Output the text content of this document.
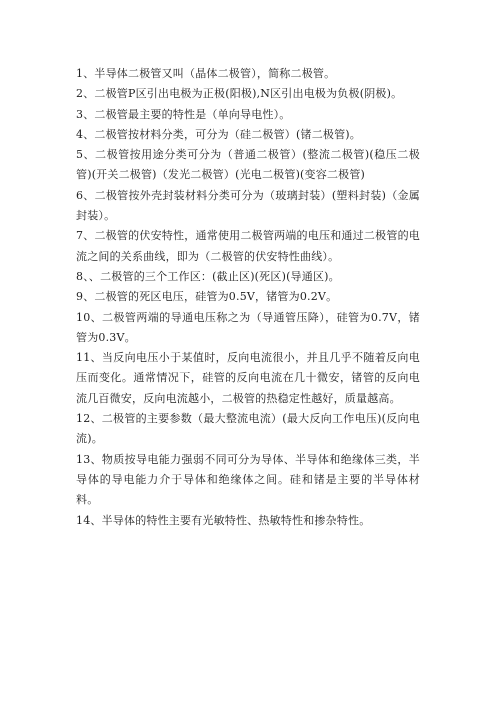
1、半导体二极管又叫（晶体二极管），简称二极管。

2、二极管P区引出电极为正极(阳极),N区引出电极为负极(阴极)。

3、二极管最主要的特性是（单向导电性）。

4、二极管按材料分类，可分为（硅二极管）(锗二极管)。

5、二极管按用途分类可分为（普通二极管）(整流二极管)(稳压二极管)(开关二极管)（发光二极管）(光电二极管)(变容二极管)

6、二极管按外壳封装材料分类可分为（玻璃封装）(塑料封装)（金属封装）。

7、二极管的伏安特性，通常使用二极管两端的电压和通过二极管的电流之间的关系曲线，即为（二极管的伏安特性曲线）。

8、、二极管的三个工作区：(截止区)(死区)(导通区)。

9、二极管的死区电压，硅管为0.5V，锗管为0.2V。

10、二极管两端的导通电压称之为（导通管压降），硅管为0.7V，锗管为0.3V。

11、当反向电压小于某值时，反向电流很小，并且几乎不随着反向电压而变化。通常情况下，硅管的反向电流在几十微安，锗管的反向电流几百微安，反向电流越小，二极管的热稳定性越好，质量越高。

12、二极管的主要参数（最大整流电流）(最大反向工作电压)(反向电流)。

13、物质按导电能力强弱不同可分为导体、半导体和绝缘体三类，半导体的导电能力介于导体和绝缘体之间。硅和锗是主要的半导体材料。

14、半导体的特性主要有光敏特性、热敏特性和掺杂特性。
